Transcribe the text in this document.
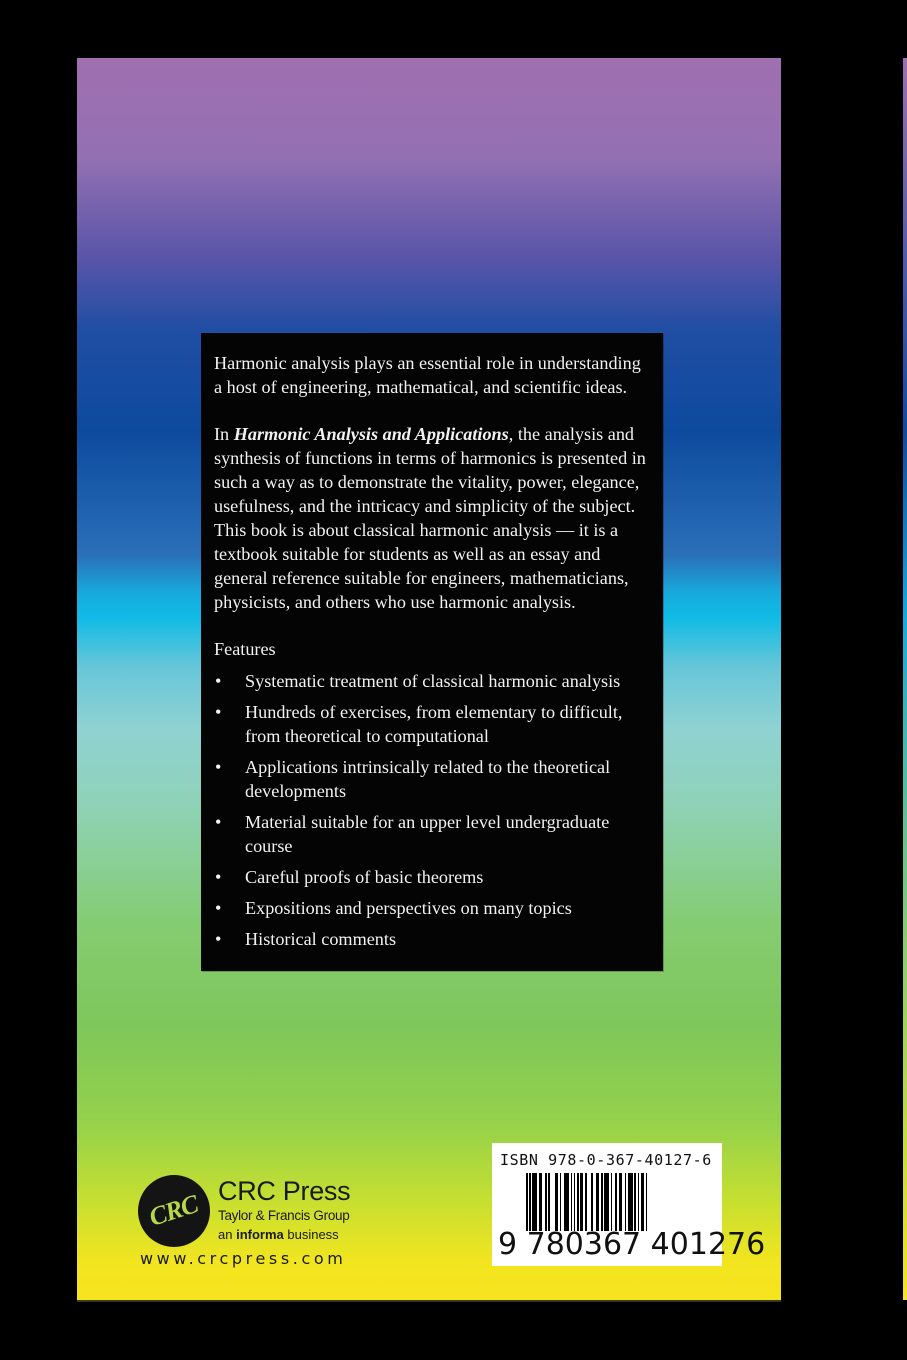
Harmonic analysis plays an essential role in understanding a host of engineering, mathematical, and scientific ideas.

In Harmonic Analysis and Applications, the analysis and synthesis of functions in terms of harmonics is presented in such a way as to demonstrate the vitality, power, elegance, usefulness, and the intricacy and simplicity of the subject. This book is about classical harmonic analysis — it is a textbook suitable for students as well as an essay and general reference suitable for engineers, mathematicians, physicists, and others who use harmonic analysis.

Features
• Systematic treatment of classical harmonic analysis
• Hundreds of exercises, from elementary to difficult, from theoretical to computational
• Applications intrinsically related to the theoretical developments
• Material suitable for an upper level undergraduate course
• Careful proofs of basic theorems
• Expositions and perspectives on many topics
• Historical comments
CRC CRC Press
Taylor & Francis Group
an informa business
www.crcpress.com
ISBN 978-0-367-40127-6
9 780367 401276
